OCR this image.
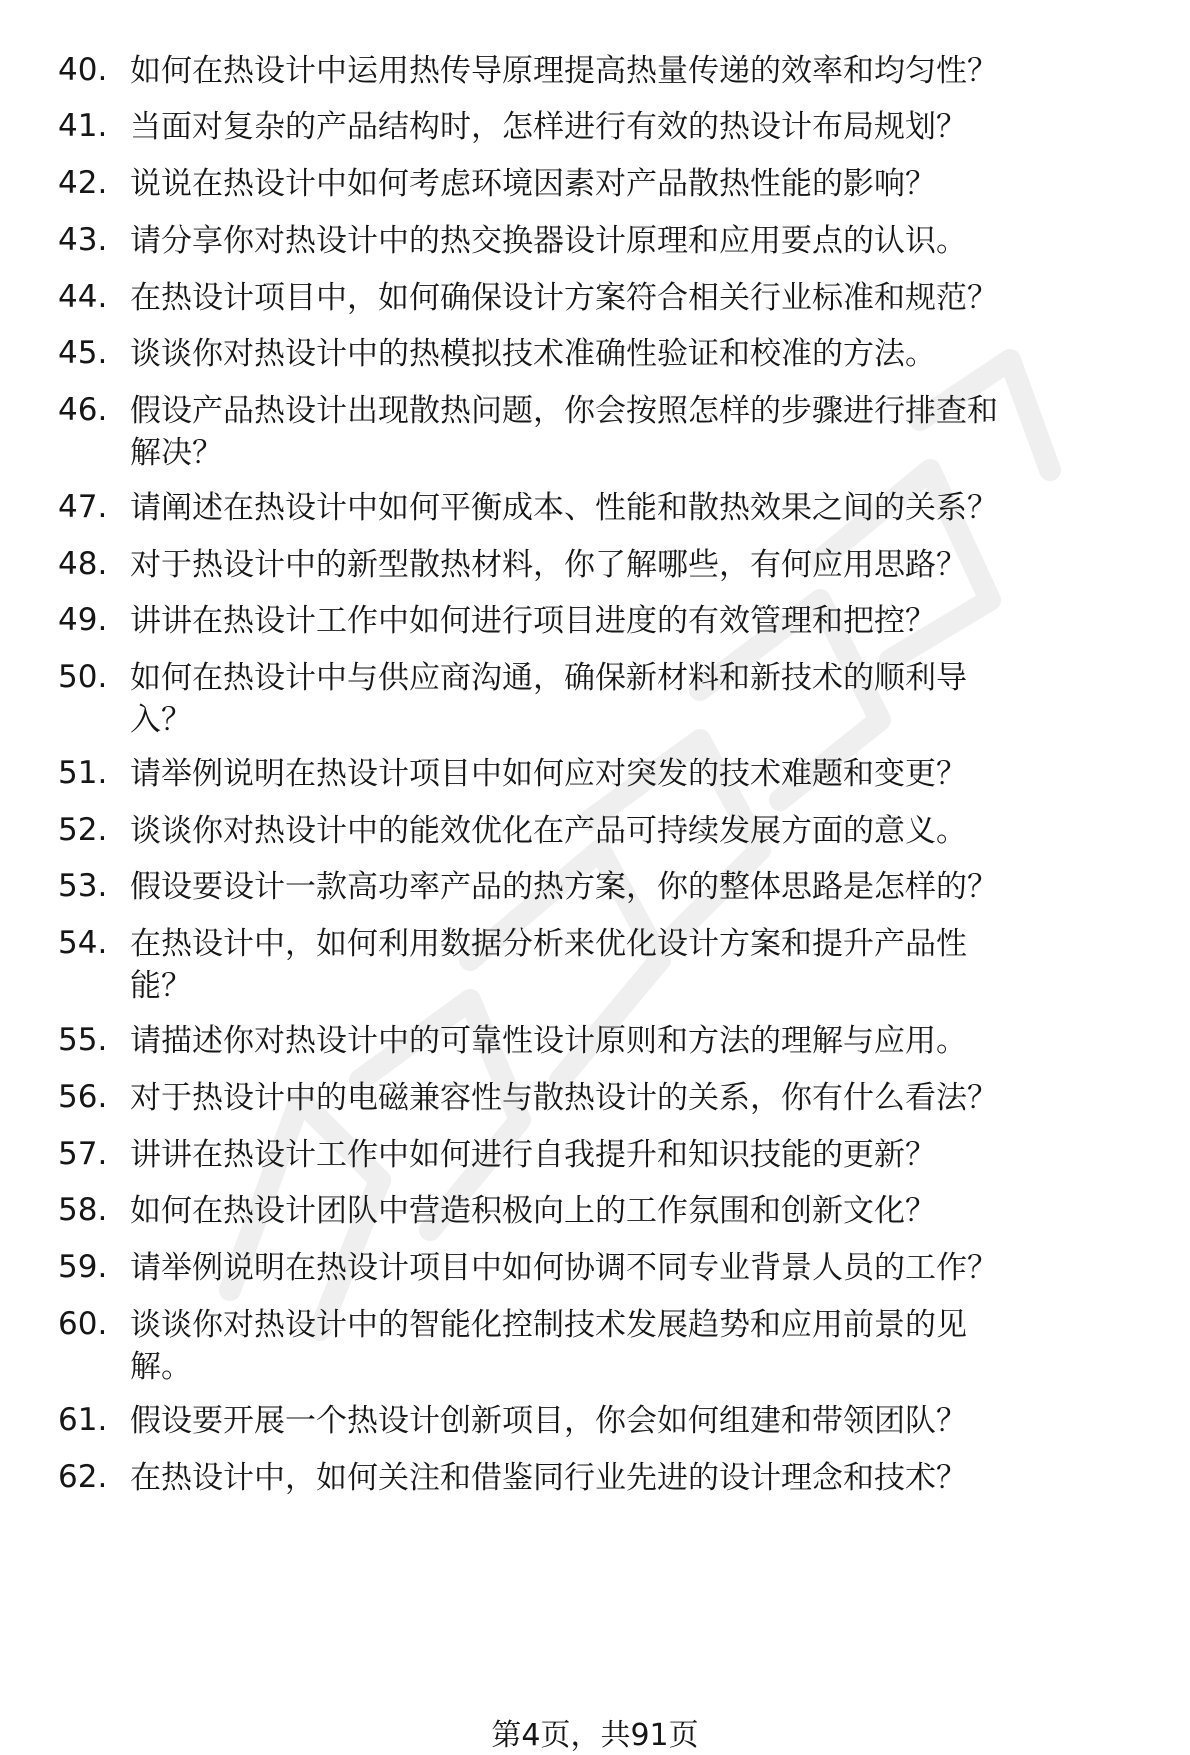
40. 如何在热设计中运用热传导原理提高热量传递的效率和均匀性？
41. 当面对复杂的产品结构时，怎样进行有效的热设计布局规划？
42. 说说在热设计中如何考虑环境因素对产品散热性能的影响？
43. 请分享你对热设计中的热交换器设计原理和应用要点的认识。
44. 在热设计项目中，如何确保设计方案符合相关行业标准和规范？
45. 谈谈你对热设计中的热模拟技术准确性验证和校准的方法。
46. 假设产品热设计出现散热问题，你会按照怎样的步骤进行排查和
解决？
47. 请阐述在热设计中如何平衡成本、性能和散热效果之间的关系？
48. 对于热设计中的新型散热材料，你了解哪些，有何应用思路？
49. 讲讲在热设计工作中如何进行项目进度的有效管理和把控？
50. 如何在热设计中与供应商沟通，确保新材料和新技术的顺利导
入？
51. 请举例说明在热设计项目中如何应对突发的技术难题和变更？
52. 谈谈你对热设计中的能效优化在产品可持续发展方面的意义。
53. 假设要设计一款高功率产品的热方案，你的整体思路是怎样的？
54. 在热设计中，如何利用数据分析来优化设计方案和提升产品性
能？
55. 请描述你对热设计中的可靠性设计原则和方法的理解与应用。
56. 对于热设计中的电磁兼容性与散热设计的关系，你有什么看法？
57. 讲讲在热设计工作中如何进行自我提升和知识技能的更新？
58. 如何在热设计团队中营造积极向上的工作氛围和创新文化？
59. 请举例说明在热设计项目中如何协调不同专业背景人员的工作？
60. 谈谈你对热设计中的智能化控制技术发展趋势和应用前景的见
解。
61. 假设要开展一个热设计创新项目，你会如何组建和带领团队？
62. 在热设计中，如何关注和借鉴同行业先进的设计理念和技术？
第4页，共91页
